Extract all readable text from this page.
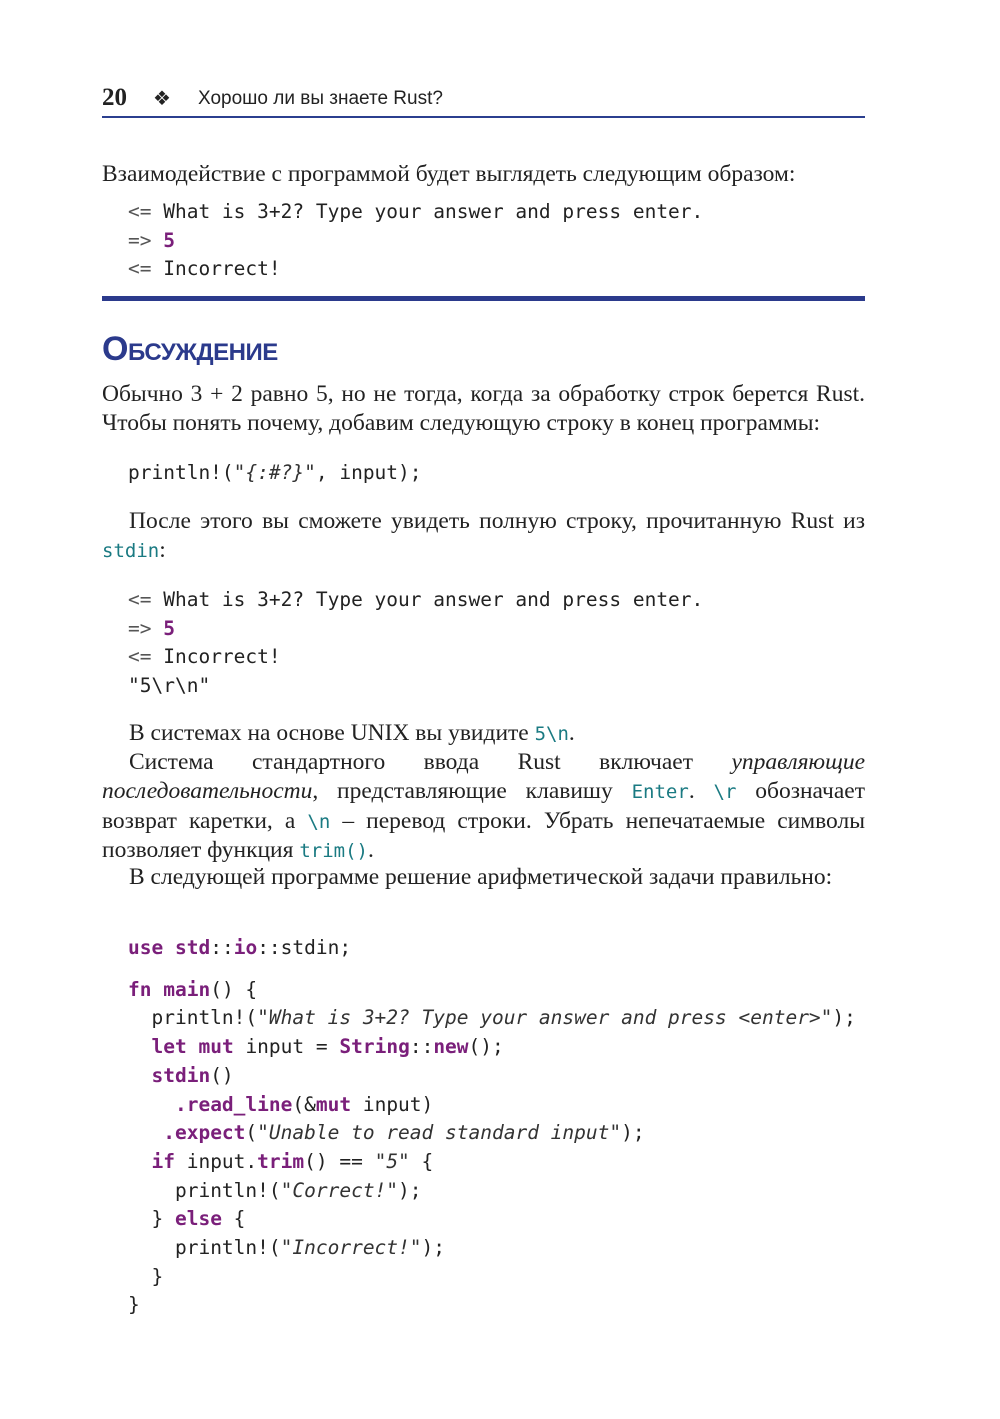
20 ❖ Хорошо ли вы знаете Rust?

Взаимодействие с программой будет выглядеть следующим образом:

<= What is 3+2? Type your answer and press enter.
=> 5
<= Incorrect!
Обсуждение

Обычно 3 + 2 равно 5, но не тогда, когда за обработку строк берется Rust. Чтобы понять почему, добавим следующую строку в конец программы:

println!("{:#?}", input);

После этого вы сможете увидеть полную строку, прочитанную Rust из stdin:

<= What is 3+2? Type your answer and press enter.
=> 5
<= Incorrect!
"5\r\n"

В системах на основе UNIX вы увидите 5\n.

Система стандартного ввода Rust включает управляющие последовательности, представляющие клавишу Enter. \r обозначает возврат каретки, а \n – перевод строки. Убрать непечатаемые символы позволяет функция trim().

В следующей программе решение арифметической задачи правильно:

use std::io::stdin;

fn main() {
println!("What is 3+2? Type your answer and press <enter>");
let mut input = String::new();
stdin()
.read_line(&mut input)
.expect("Unable to read standard input");
if input.trim() == "5" {
println!("Correct!");
} else {
println!("Incorrect!");
}
}
